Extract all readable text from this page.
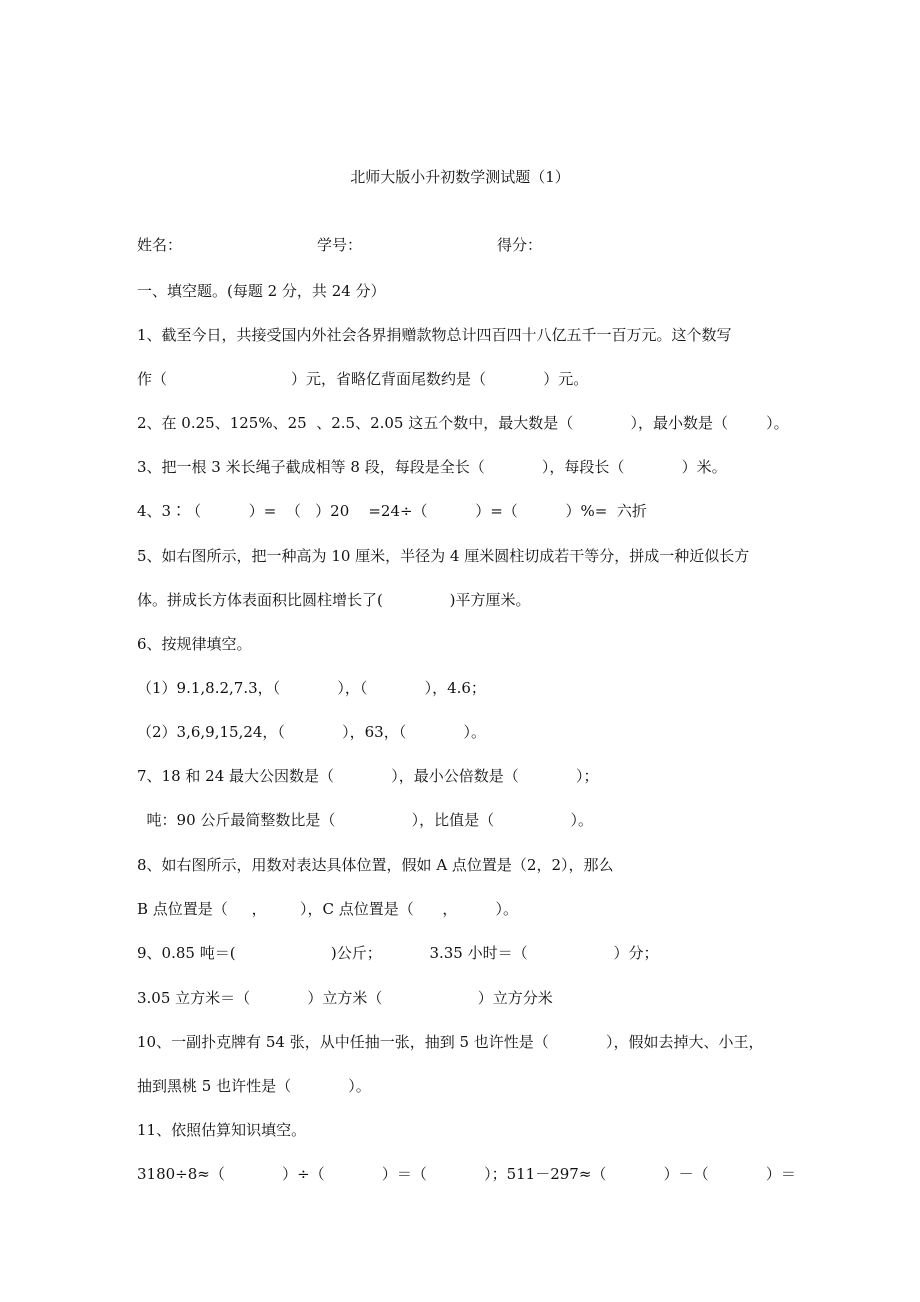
北师大版小升初数学测试题（1）
姓名：	学号：	得分：
一、填空题。(每题 2 分，共 24 分）
1、截至今日，共接受国内外社会各界捐赠款物总计四百四十八亿五千一百万元。这个数写
作（                          ）元，省略亿背面尾数约是（            ）元。
2、在 0.25、125%、25  、2.5、2.05 这五个数中，最大数是（            ），最小数是（        ）。
3、把一根 3 米长绳子截成相等 8 段，每段是全长（            ），每段长（            ）米。
4、3∶（          ）=  （   ）20    =24÷（          ）=（          ）%=  六折
5、如右图所示，把一种高为 10 厘米，半径为 4 厘米圆柱切成若干等分，拼成一种近似长方
体。拼成长方体表面积比圆柱增长了(              )平方厘米。
6、按规律填空。
（1）9.1,8.2,7.3，（            ），（            ），4.6；
（2）3,6,9,15,24，（            ），63，（            ）。
7、18 和 24 最大公因数是（            ），最小公倍数是（            ）；
吨：90 公斤最简整数比是（                ），比值是（                ）。
8、如右图所示，用数对表达具体位置，假如 A 点位置是（2，2），那么
B 点位置是（     ，       ），C 点位置是（      ，        ）。
9、0.85 吨＝(                    )公斤；          3.35 小时＝（                  ）分；
3.05 立方米＝（            ）立方米（                    ）立方分米
10、一副扑克牌有 54 张，从中任抽一张，抽到 5 也许性是（            ），假如去掉大、小王，
抽到黑桃 5 也许性是（            ）。
11、依照估算知识填空。
3180÷8≈（            ）÷（            ）＝（            ）；511－297≈（            ）－（            ）＝
